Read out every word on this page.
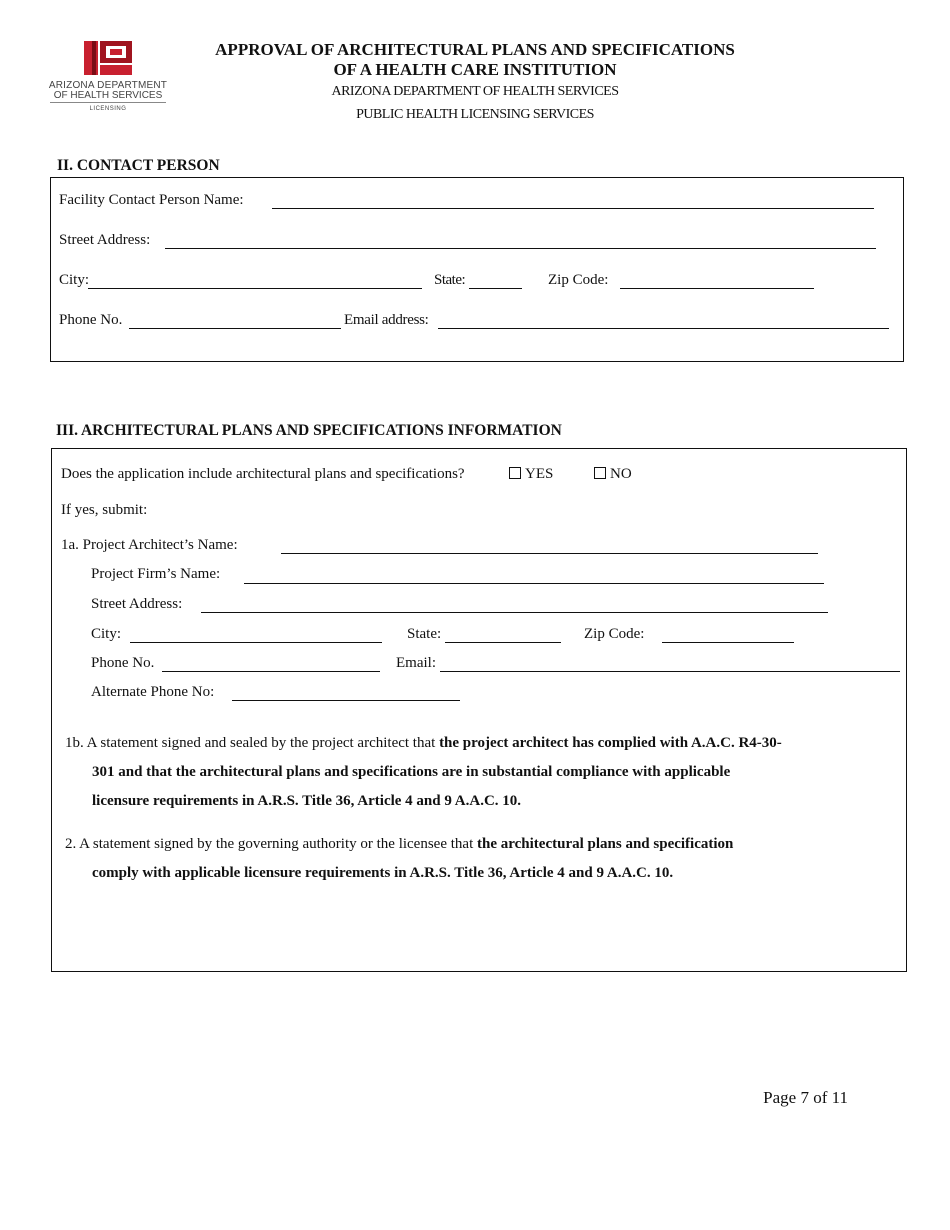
ARIZONA DEPARTMENT
OF HEALTH SERVICES
LICENSING
APPROVAL OF ARCHITECTURAL PLANS AND SPECIFICATIONS
OF A HEALTH CARE INSTITUTION
ARIZONA DEPARTMENT OF HEALTH SERVICES
PUBLIC HEALTH LICENSING SERVICES
II. CONTACT PERSON
Facility Contact Person Name:
Street Address:
City:	State:	Zip Code:
Phone No.	Email address:
III. ARCHITECTURAL PLANS AND SPECIFICATIONS INFORMATION
Does the application include architectural plans and specifications?	YES	NO
If yes, submit:
1a. Project Architect’s Name:
Project Firm’s Name:
Street Address:
City:	State:	Zip Code:
Phone No.	Email:
Alternate Phone No:
1b. A statement signed and sealed by the project architect that the project architect has complied with A.A.C. R4-30-
301 and that the architectural plans and specifications are in substantial compliance with applicable
licensure requirements in A.R.S. Title 36, Article 4 and 9 A.A.C. 10.
2. A statement signed by the governing authority or the licensee that the architectural plans and specification
comply with applicable licensure requirements in A.R.S. Title 36, Article 4 and 9 A.A.C. 10.
Page 7 of 11
